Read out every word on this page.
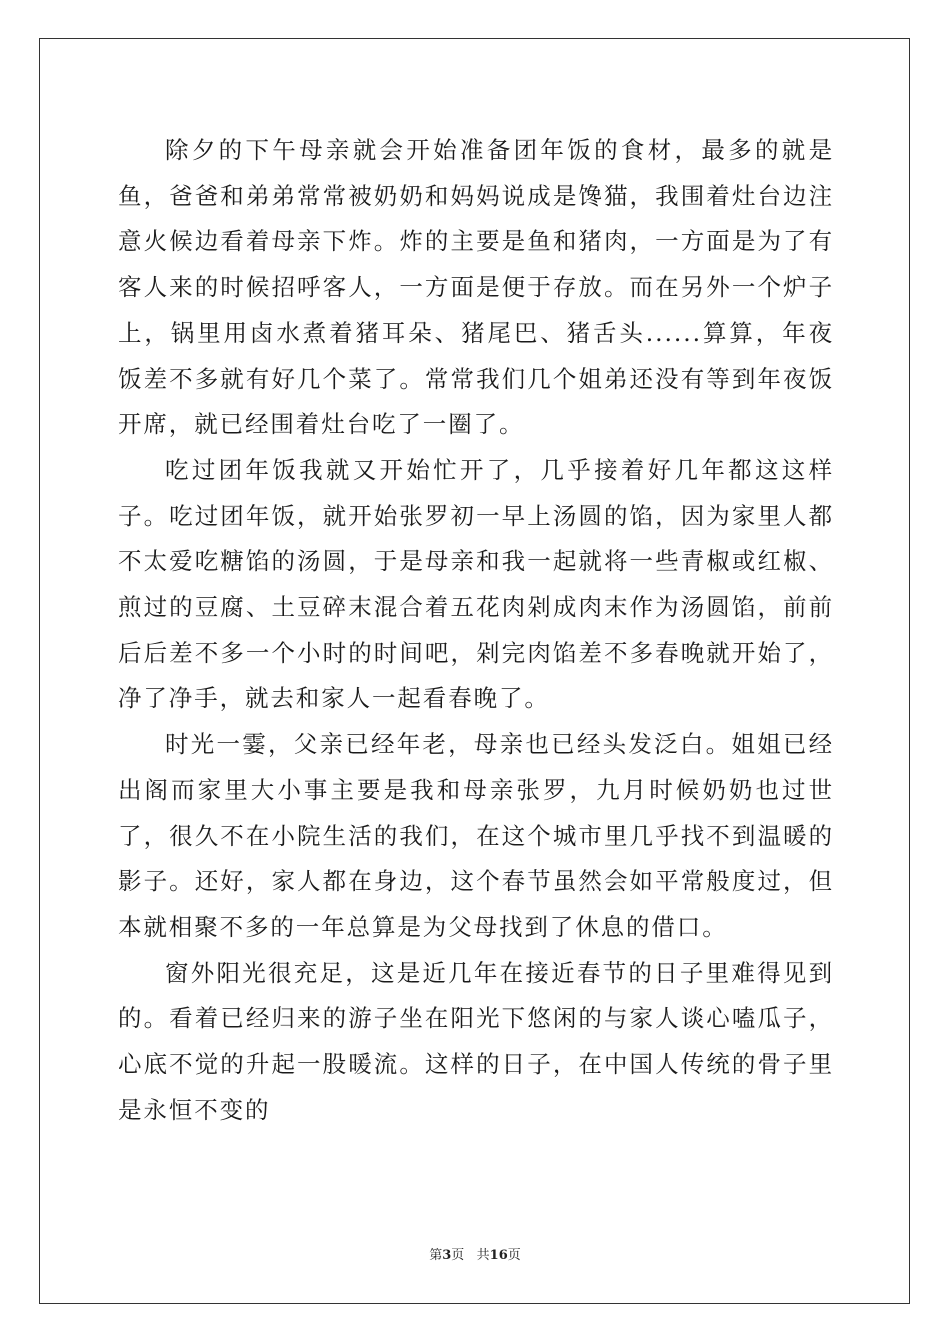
除夕的下午母亲就会开始准备团年饭的食材，最多的就是鱼，爸爸和弟弟常常被奶奶和妈妈说成是馋猫，我围着灶台边注意火候边看着母亲下炸。炸的主要是鱼和猪肉，一方面是为了有客人来的时候招呼客人，一方面是便于存放。而在另外一个炉子上，锅里用卤水煮着猪耳朵、猪尾巴、猪舌头......算算，年夜饭差不多就有好几个菜了。常常我们几个姐弟还没有等到年夜饭开席，就已经围着灶台吃了一圈了。

吃过团年饭我就又开始忙开了，几乎接着好几年都这这样子。吃过团年饭，就开始张罗初一早上汤圆的馅，因为家里人都不太爱吃糖馅的汤圆，于是母亲和我一起就将一些青椒或红椒、煎过的豆腐、土豆碎末混合着五花肉剁成肉末作为汤圆馅，前前后后差不多一个小时的时间吧，剁完肉馅差不多春晚就开始了，净了净手，就去和家人一起看春晚了。

时光一霎，父亲已经年老，母亲也已经头发泛白。姐姐已经出阁而家里大小事主要是我和母亲张罗，九月时候奶奶也过世了，很久不在小院生活的我们，在这个城市里几乎找不到温暖的影子。还好，家人都在身边，这个春节虽然会如平常般度过，但本就相聚不多的一年总算是为父母找到了休息的借口。

窗外阳光很充足，这是近几年在接近春节的日子里难得见到的。看着已经归来的游子坐在阳光下悠闲的与家人谈心嗑瓜子，心底不觉的升起一股暖流。这样的日子，在中国人传统的骨子里是永恒不变的

第3页   共16页
